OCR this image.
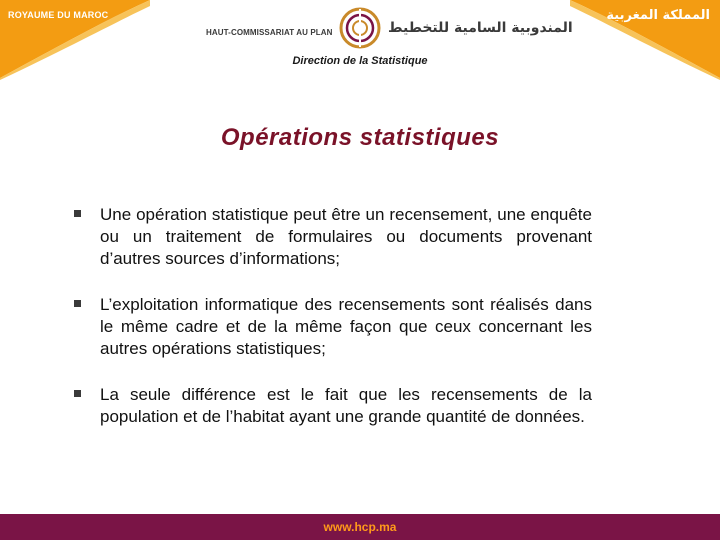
ROYAUME DU MAROC	المملكة المغربية
HAUT-COMMISSARIAT AU PLAN	المندوبية السامية للتخطيط
Direction de la Statistique
Opérations statistiques
Une opération statistique peut être un recensement, une enquête ou un traitement de formulaires ou documents provenant d’autres sources d’informations;
L’exploitation informatique des recensements sont réalisés dans le même cadre et de la même façon que ceux concernant les autres opérations statistiques;
La seule différence est le fait que les recensements de la population et de l’habitat ayant une grande quantité de données.
www.hcp.ma
